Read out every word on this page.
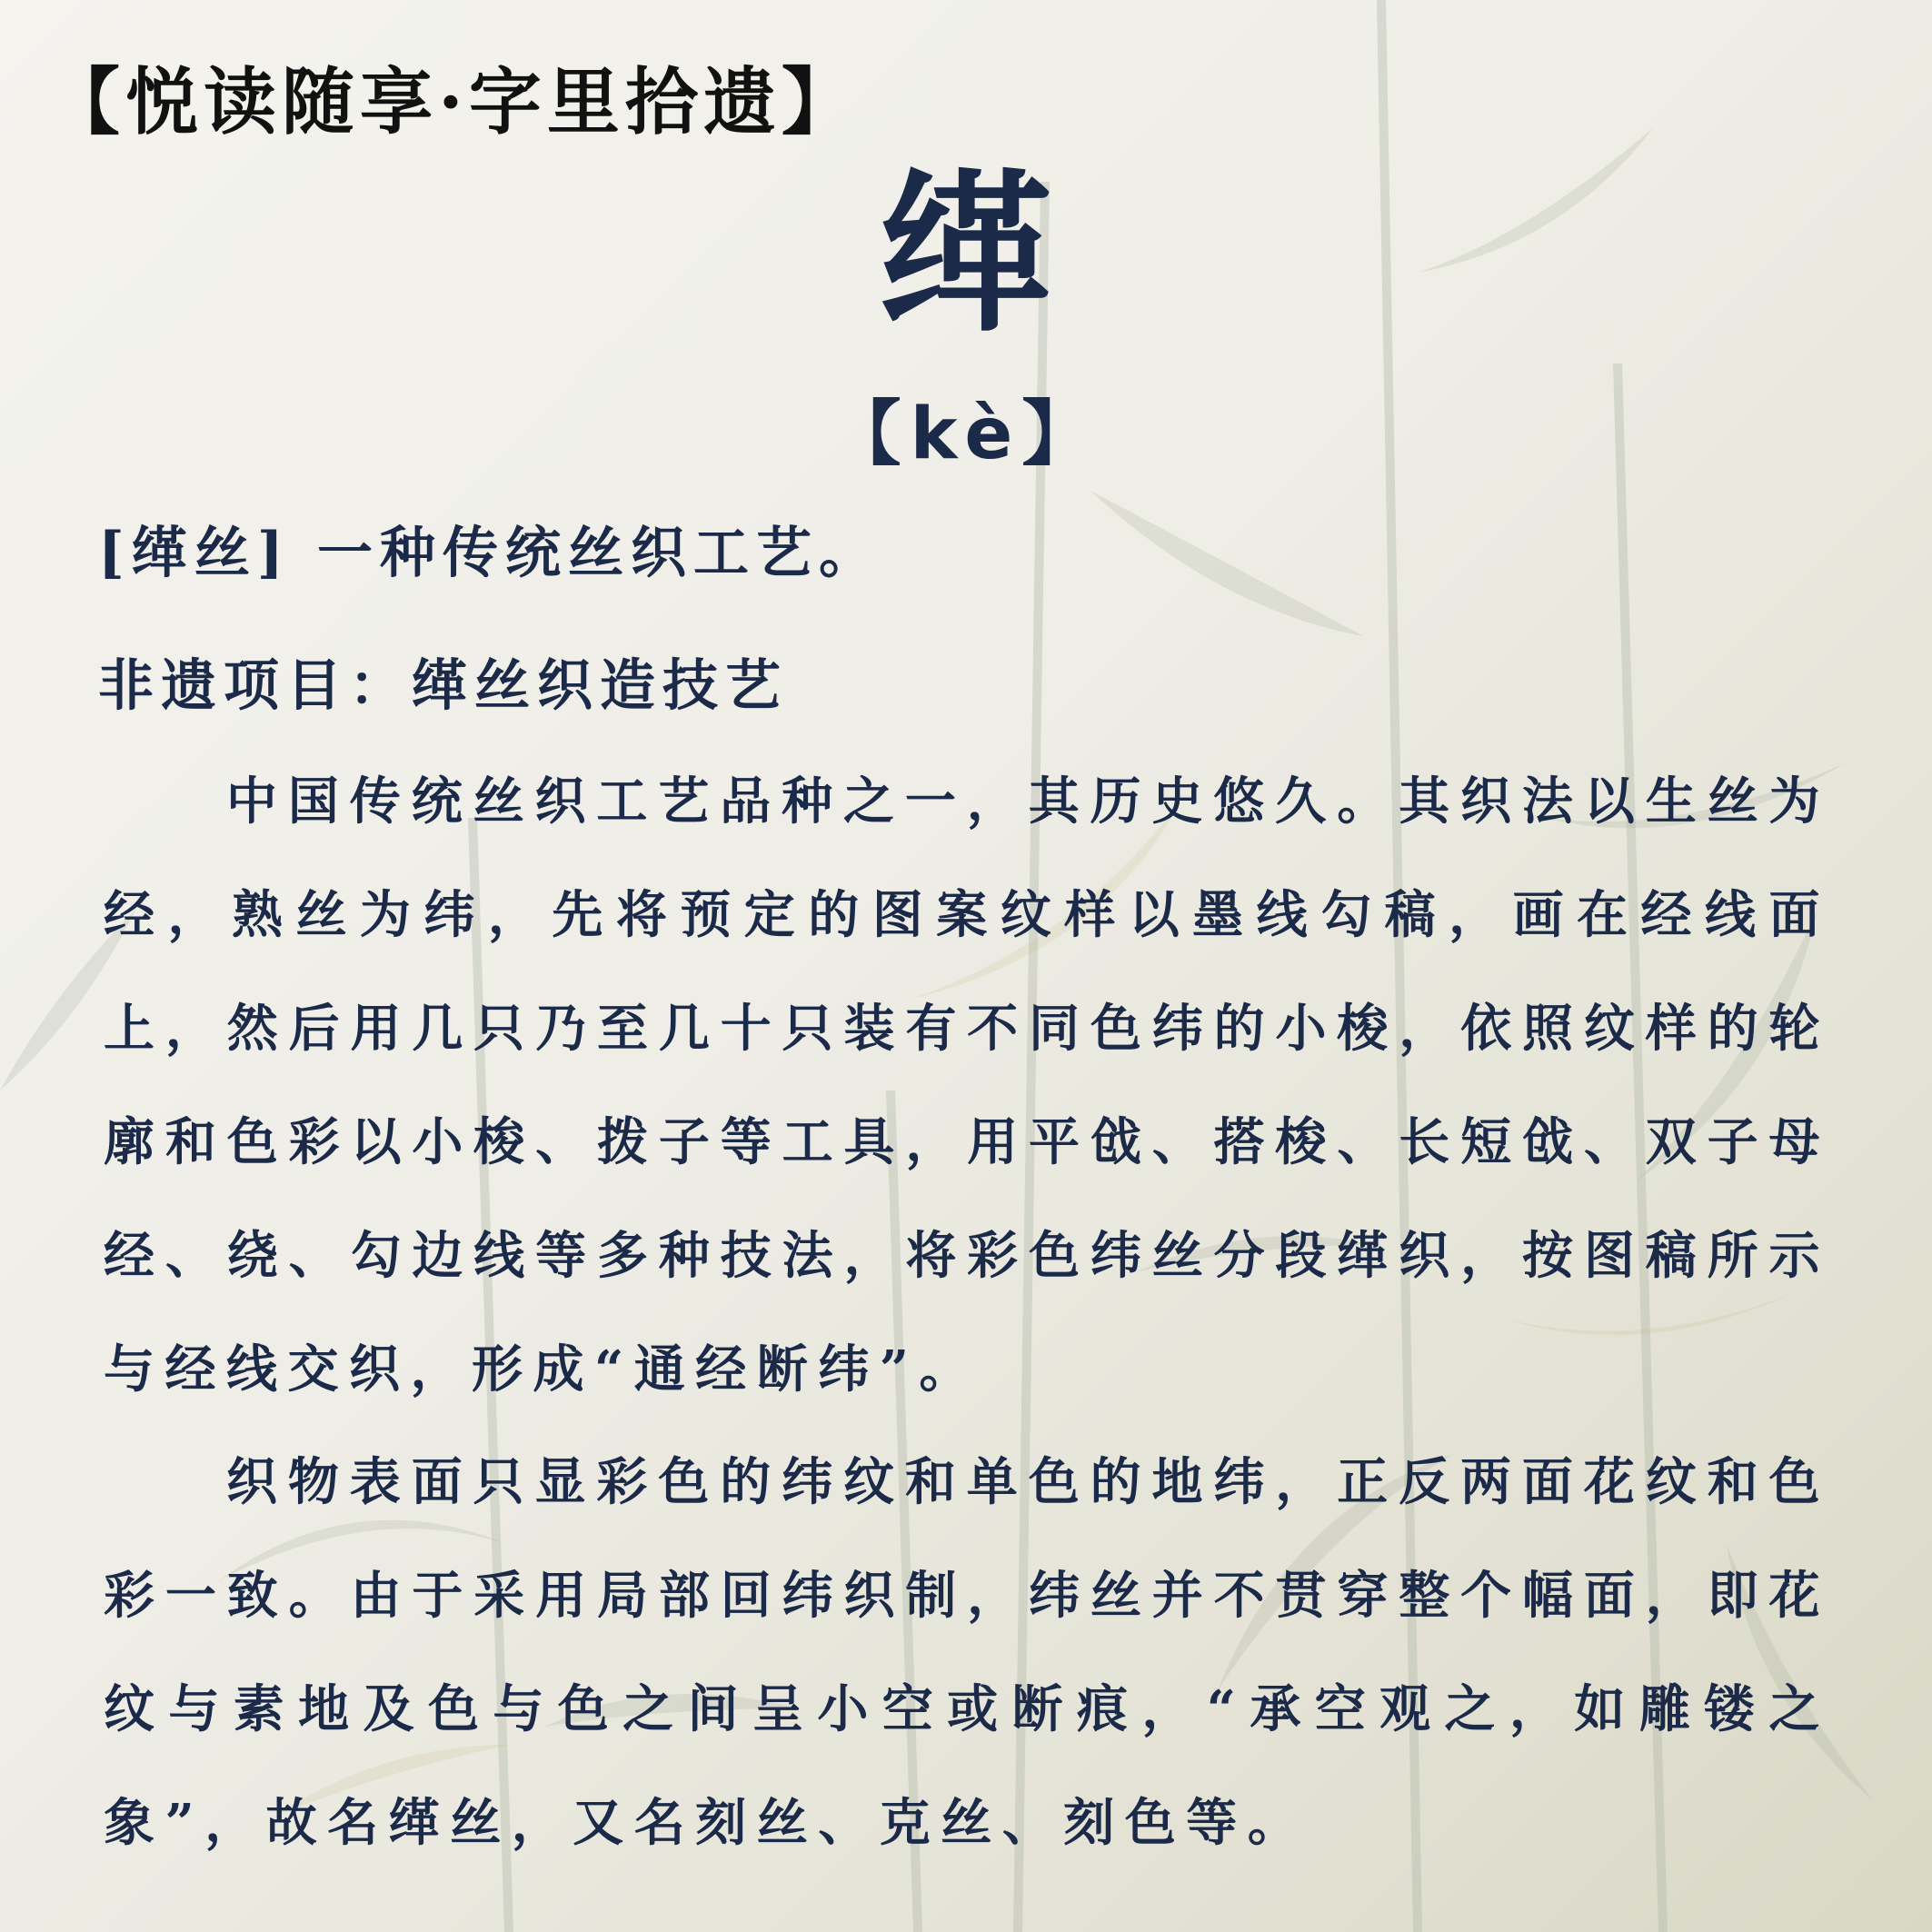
【悦读随享·字里拾遗】
缂
【kè】
[缂丝] 一种传统丝织工艺。
非遗项目：缂丝织造技艺

中国传统丝织工艺品种之一，其历史悠久。其织法以生丝为经，熟丝为纬，先将预定的图案纹样以墨线勾稿，画在经线面上，然后用几只乃至几十只装有不同色纬的小梭，依照纹样的轮廓和色彩以小梭、拨子等工具，用平戗、搭梭、长短戗、双子母经、绕、勾边线等多种技法，将彩色纬丝分段缂织，按图稿所示与经线交织，形成“通经断纬”。

织物表面只显彩色的纬纹和单色的地纬，正反两面花纹和色彩一致。由于采用局部回纬织制，纬丝并不贯穿整个幅面，即花纹与素地及色与色之间呈小空或断痕，“承空观之，如雕镂之象”，故名缂丝，又名刻丝、克丝、刻色等。
